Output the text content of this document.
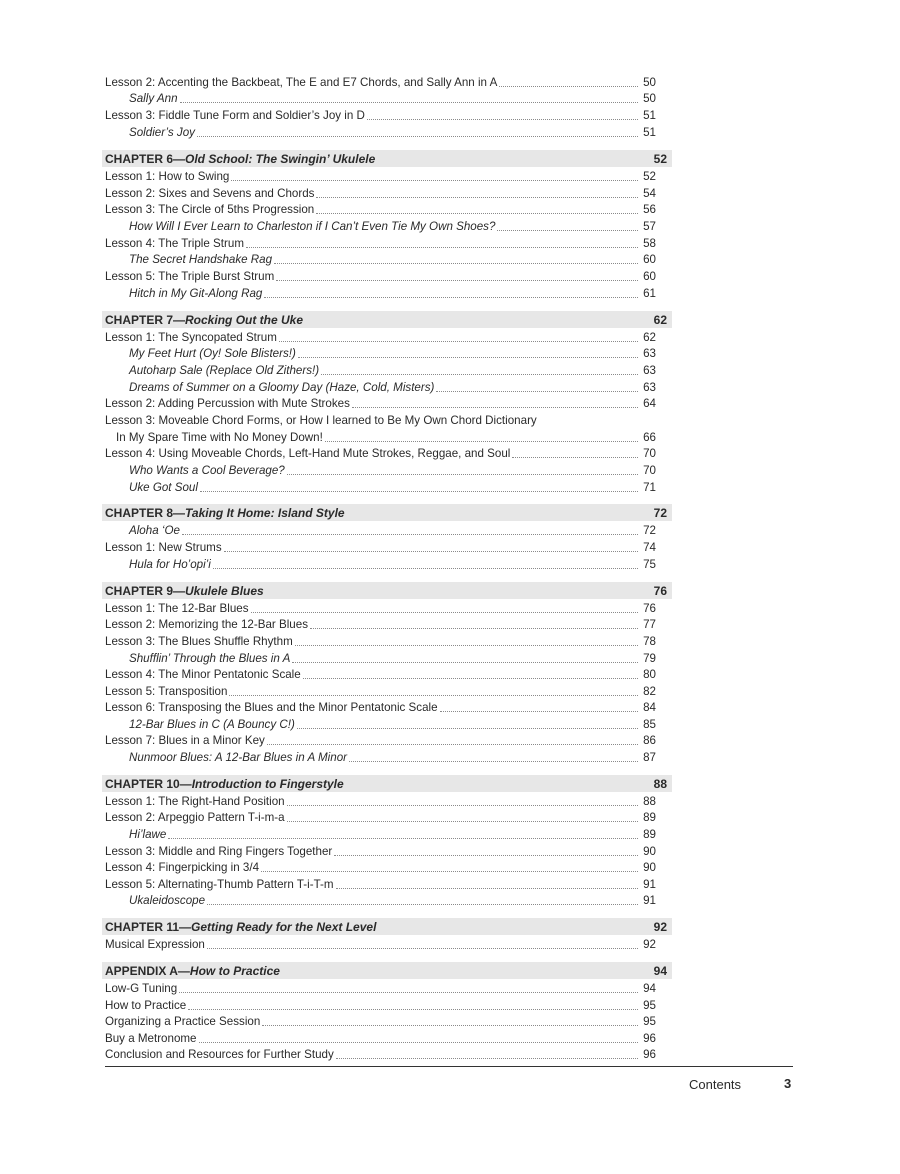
Lesson 2: Accenting the Backbeat, The E and E7 Chords, and Sally Ann in A	50
Sally Ann	50
Lesson 3: Fiddle Tune Form and Soldier’s Joy in D	51
Soldier’s Joy	51
CHAPTER 6—Old School: The Swingin’ Ukulele	52
Lesson 1: How to Swing	52
Lesson 2: Sixes and Sevens and Chords	54
Lesson 3: The Circle of 5ths Progression	56
How Will I Ever Learn to Charleston if I Can’t Even Tie My Own Shoes?	57
Lesson 4: The Triple Strum	58
The Secret Handshake Rag	60
Lesson 5: The Triple Burst Strum	60
Hitch in My Git-Along Rag	61
CHAPTER 7—Rocking Out the Uke	62
Lesson 1: The Syncopated Strum	62
My Feet Hurt (Oy! Sole Blisters!)	63
Autoharp Sale (Replace Old Zithers!)	63
Dreams of Summer on a Gloomy Day (Haze, Cold, Misters)	63
Lesson 2: Adding Percussion with Mute Strokes	64
Lesson 3: Moveable Chord Forms, or How I learned to Be My Own Chord Dictionary
In My Spare Time with No Money Down!	66
Lesson 4: Using Moveable Chords, Left-Hand Mute Strokes, Reggae, and Soul	70
Who Wants a Cool Beverage?	70
Uke Got Soul	71
CHAPTER 8—Taking It Home: Island Style	72
Aloha ‘Oe	72
Lesson 1: New Strums	74
Hula for Ho’opi’i	75
CHAPTER 9—Ukulele Blues	76
Lesson 1: The 12-Bar Blues	76
Lesson 2: Memorizing the 12-Bar Blues	77
Lesson 3: The Blues Shuffle Rhythm	78
Shufflin’ Through the Blues in A	79
Lesson 4: The Minor Pentatonic Scale	80
Lesson 5: Transposition	82
Lesson 6: Transposing the Blues and the Minor Pentatonic Scale	84
12-Bar Blues in C (A Bouncy C!)	85
Lesson 7: Blues in a Minor Key	86
Nunmoor Blues: A 12-Bar Blues in A Minor	87
CHAPTER 10—Introduction to Fingerstyle	88
Lesson 1: The Right-Hand Position	88
Lesson 2: Arpeggio Pattern T-i-m-a	89
Hi’lawe	89
Lesson 3: Middle and Ring Fingers Together	90
Lesson 4: Fingerpicking in 3/4	90
Lesson 5: Alternating-Thumb Pattern T-i-T-m	91
Ukaleidoscope	91
CHAPTER 11—Getting Ready for the Next Level	92
Musical Expression	92
APPENDIX A—How to Practice	94
Low-G Tuning	94
How to Practice	95
Organizing a Practice Session	95
Buy a Metronome	96
Conclusion and Resources for Further Study	96
Contents	3
